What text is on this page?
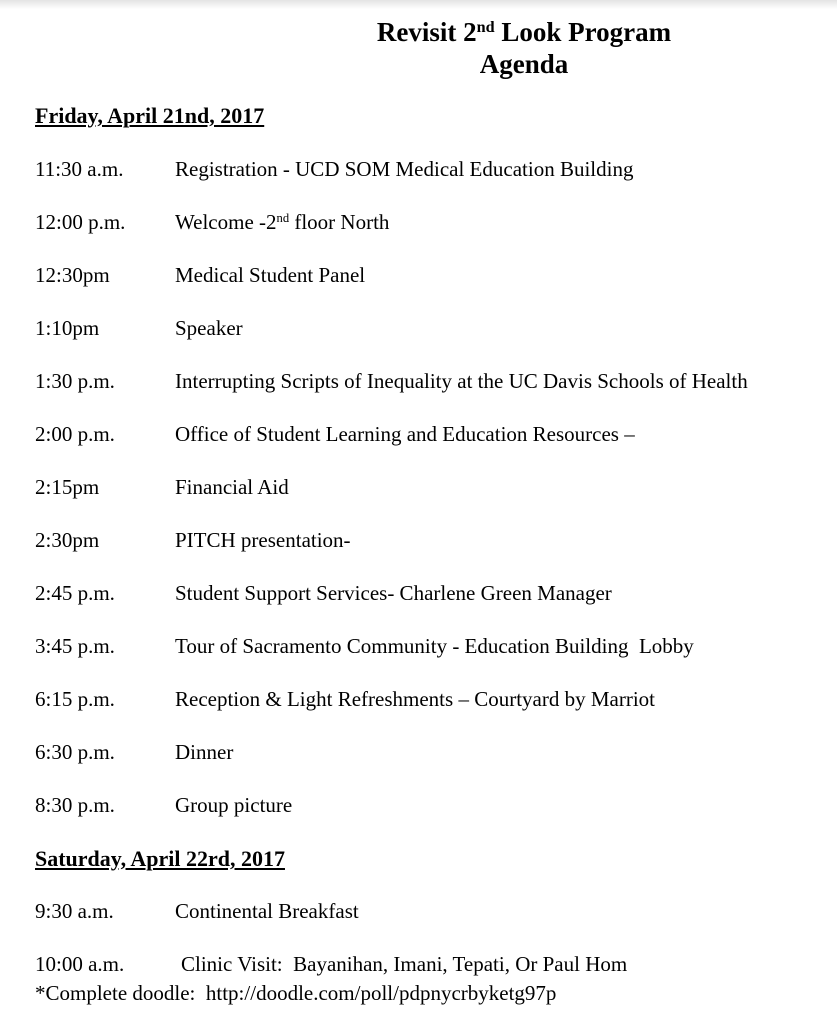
Revisit 2nd Look Program
Agenda
Friday, April 21nd, 2017
11:30 a.m.	Registration - UCD SOM Medical Education Building
12:00 p.m.	Welcome -2nd floor North
12:30pm	Medical Student Panel
1:10pm	Speaker
1:30 p.m.	Interrupting Scripts of Inequality at the UC Davis Schools of Health
2:00 p.m.	Office of Student Learning and Education Resources –
2:15pm	Financial Aid
2:30pm	PITCH presentation-
2:45 p.m.	Student Support Services- Charlene Green Manager
3:45 p.m.	Tour of Sacramento Community - Education Building  Lobby
6:15 p.m.	Reception & Light Refreshments – Courtyard by Marriot
6:30 p.m.	Dinner
8:30 p.m.	Group picture
Saturday, April 22rd, 2017
9:30 a.m.	Continental Breakfast
10:00 a.m.	Clinic Visit:  Bayanihan, Imani, Tepati, Or Paul Hom
*Complete doodle:  http://doodle.com/poll/pdpnycrbyketg97p
